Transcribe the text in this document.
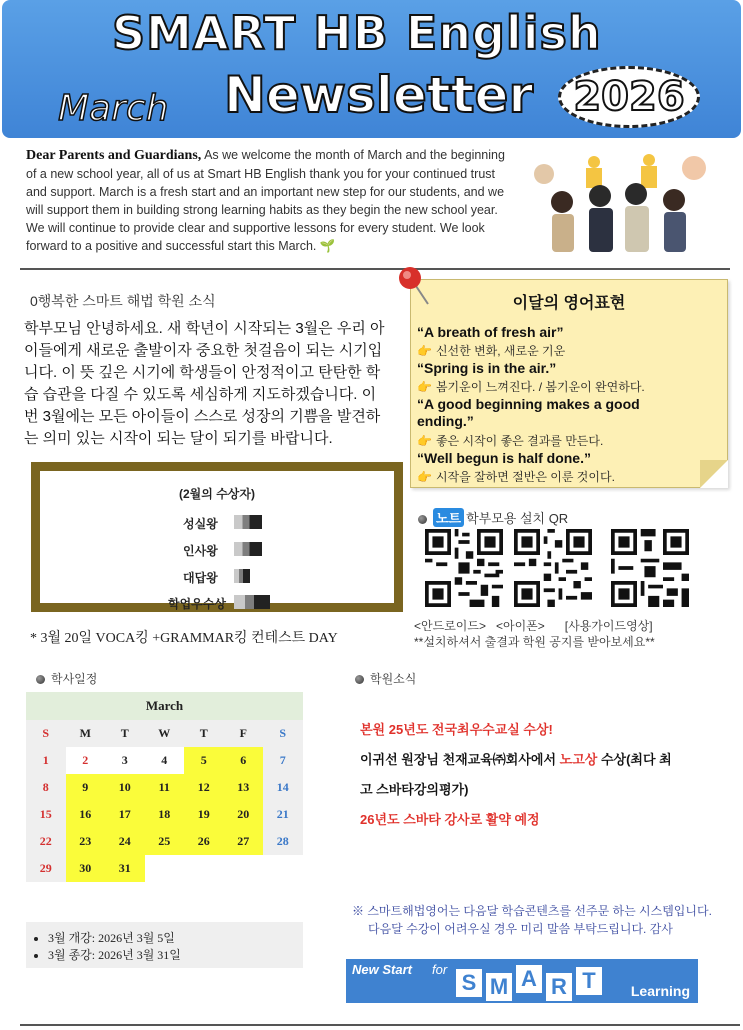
SMART HB English
March Newsletter	2026
Dear Parents and Guardians, As we welcome the month of March and the beginning of a new school year, all of us at Smart HB English thank you for your continued trust and support. March is a fresh start and an important new step for our students, and we will support them in building strong learning habits as they begin the new school year. We will continue to provide clear and supportive lessons for every student. We look forward to a positive and successful start this March. 🌱
0행복한 스마트 해법 학원 소식
학부모님 안녕하세요. 새 학년이 시작되는 3월은 우리 아이들에게 새로운 출발이자 중요한 첫걸음이 되는 시기입니다. 이 뜻 깊은 시기에 학생들이 안정적이고 탄탄한 학습 습관을 다질 수 있도록 세심하게 지도하겠습니다. 이번 3월에는 모든 아이들이 스스로 성장의 기쁨을 발견하는 의미 있는 시작이 되는 달이 되기를 바랍니다.
(2월의 수상자)
성실왕
인사왕
대답왕
학업우수상
* 3월 20일 VOCA킹 +GRAMMAR킹 컨테스트 DAY
이달의 영어표현
“A breath of fresh air”
👉 신선한 변화, 새로운 기운
“Spring is in the air.”
👉 봄기운이 느껴진다. / 봄기운이 완연하다.
“A good beginning makes a good ending.”
👉 좋은 시작이 좋은 결과를 만든다.
“Well begun is half done.”
👉 시작을 잘하면 절반은 이룬 것이다.
노트 학부모용 설치 QR
<안드로이드>   <아이폰>      [사용가이드영상]
**설치하셔서 출결과 학원 공지를 받아보세요**
학사일정
March
S	M	T	W	T	F	S
1	2	3	4	5	6	7
8	9	10	11	12	13	14
15	16	17	18	19	20	21
22	23	24	25	26	27	28
29	30	31
• 3월 개강: 2026년 3월 5일
• 3월 종강: 2026년 3월 31일
학원소식
본원 25년도 전국최우수교실 수상!
이귀선 원장님 천재교육㈜회사에서 노고상 수상(최다 최
고 스바타강의평가)
26년도 스바타 강사로 활약 예정
※ 스마트해법영어는 다음달 학습콘텐츠를 선주문 하는 시스템입니다.
다음달 수강이 어려우실 경우 미리 말씀 부탁드립니다. 감사
New Start for
S M A R T	Learning
